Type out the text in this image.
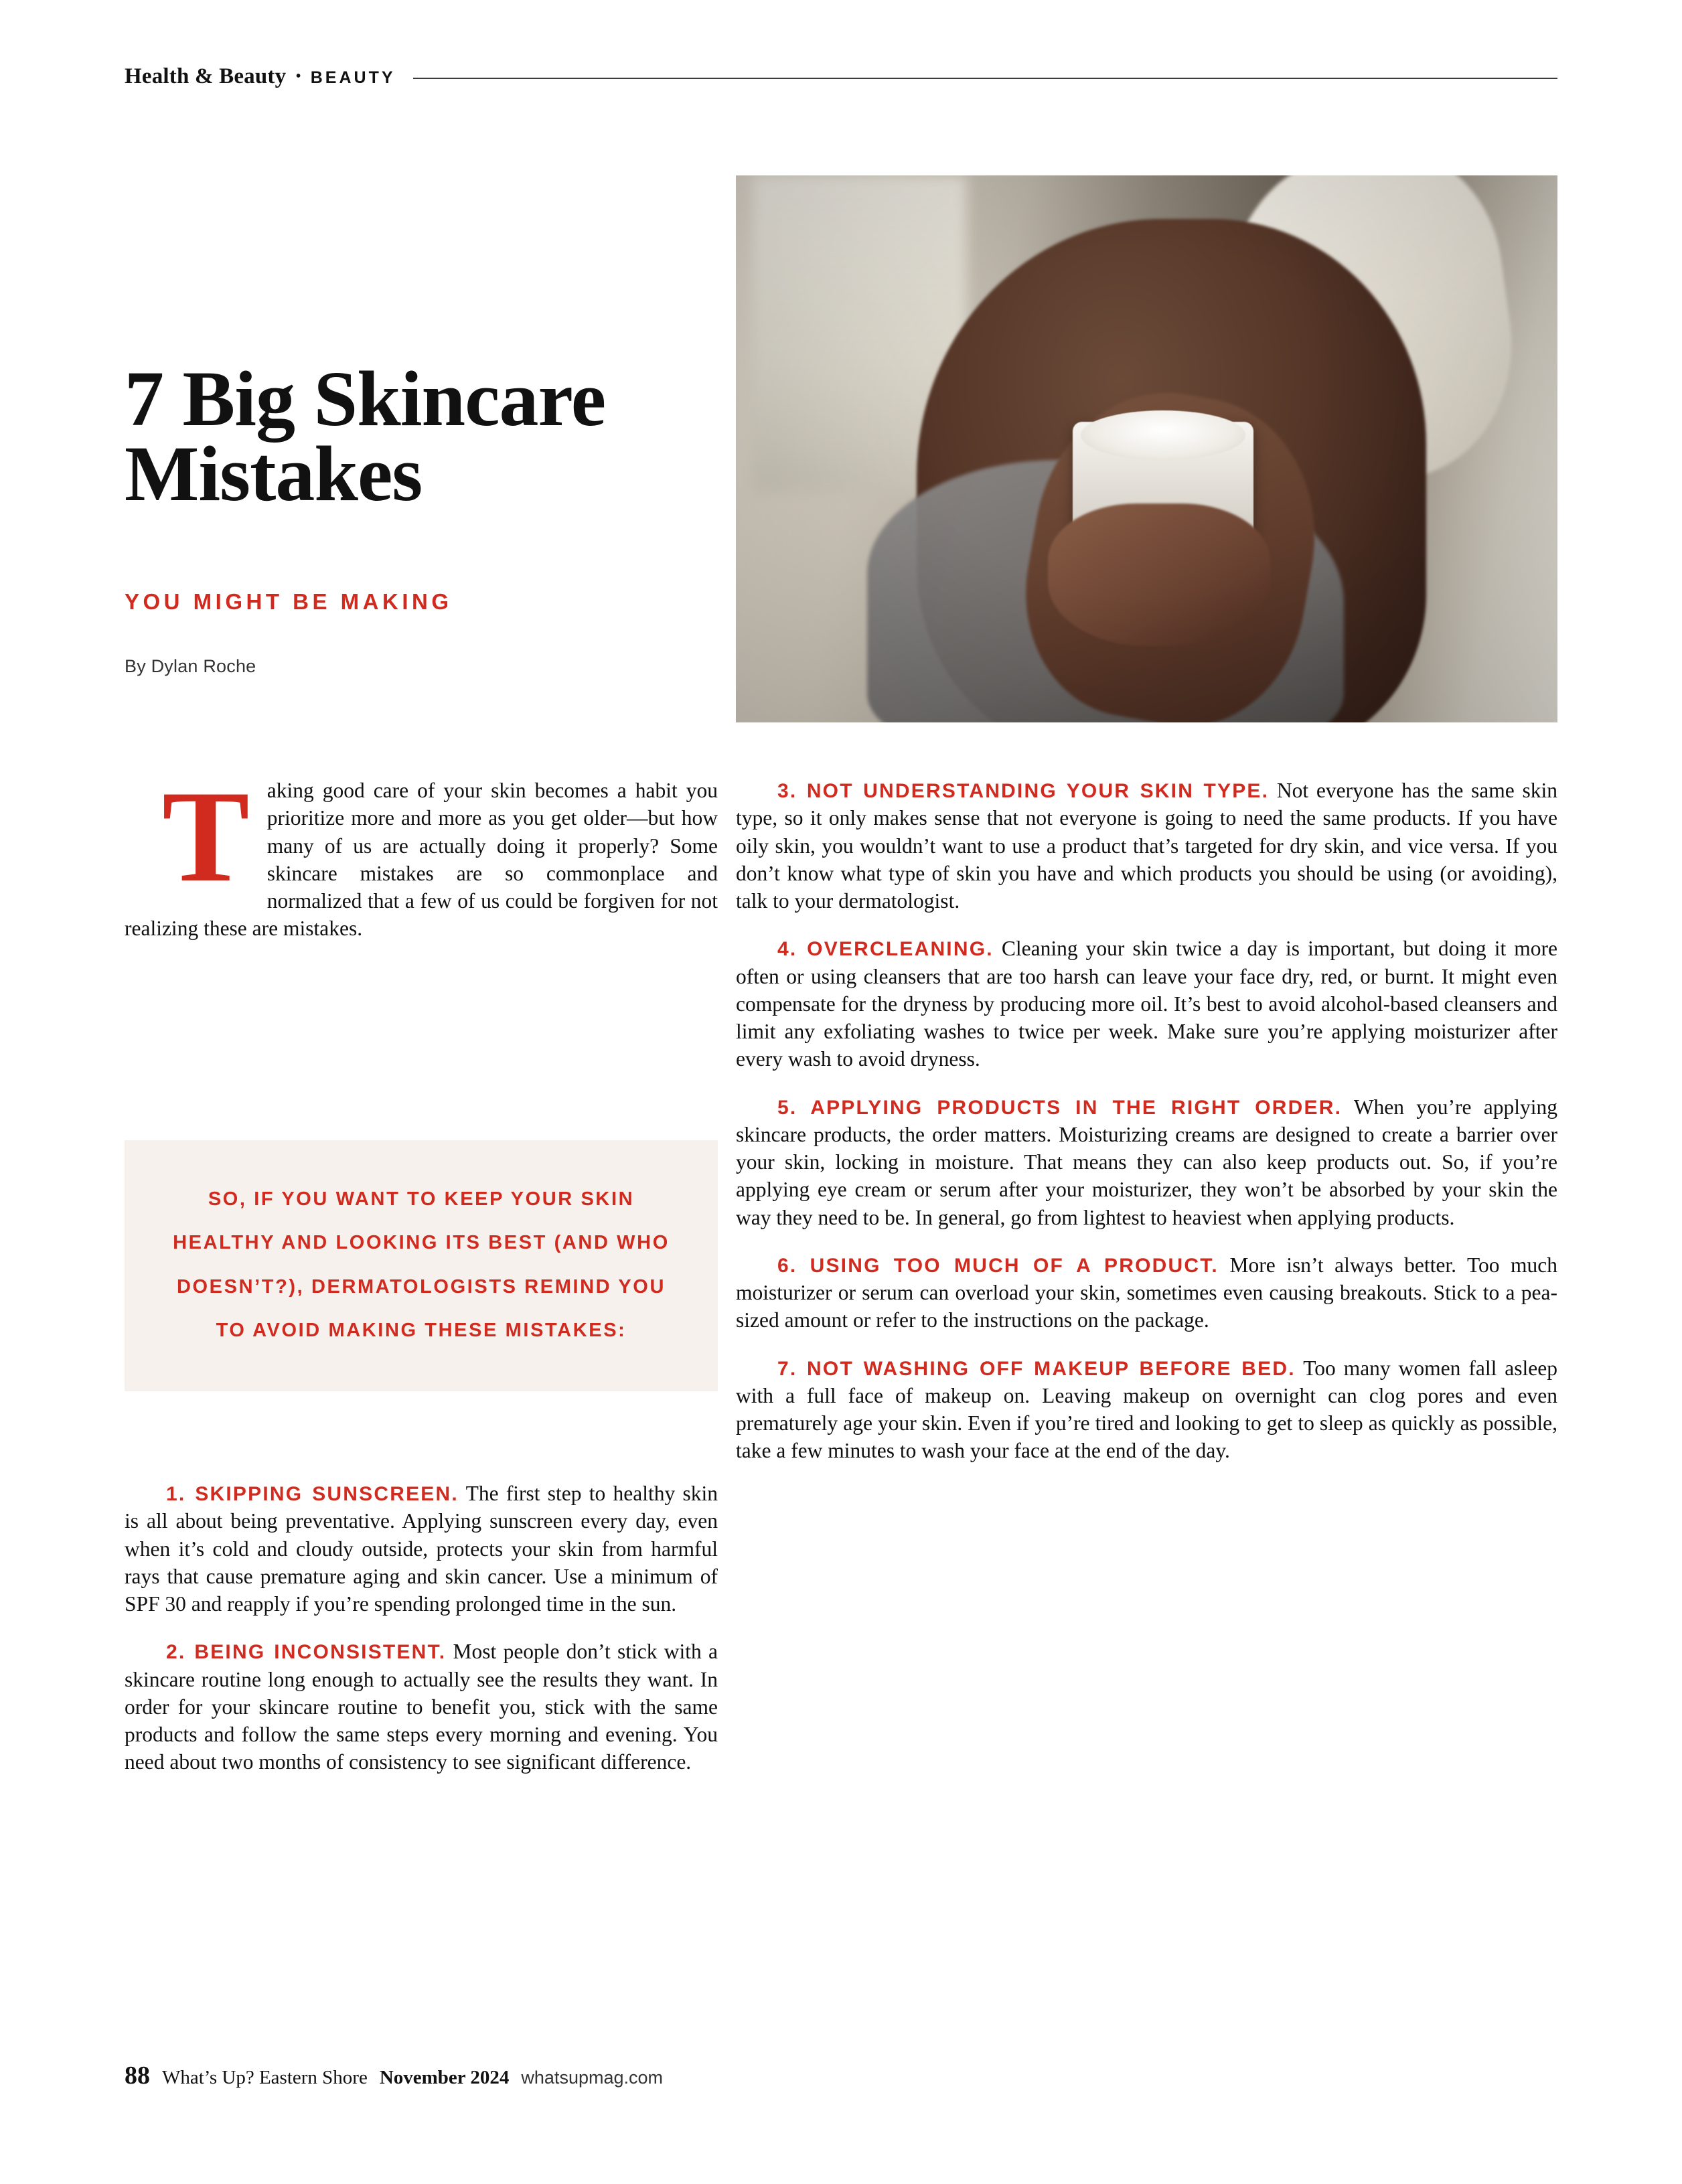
Health & Beauty • BEAUTY
7 Big Skincare
Mistakes
YOU MIGHT BE MAKING
By Dylan Roche

Taking good care of your skin becomes a habit you prioritize more and more as you get older—but how many of us are actually doing it properly? Some skincare mistakes are so commonplace and normalized that a few of us could be forgiven for not realizing these are mistakes.

SO, IF YOU WANT TO KEEP YOUR SKIN HEALTHY AND LOOKING ITS BEST (AND WHO DOESN’T?), DERMATOLOGISTS REMIND YOU TO AVOID MAKING THESE MISTAKES:

1. SKIPPING SUNSCREEN. The first step to healthy skin is all about being preventative. Applying sunscreen every day, even when it’s cold and cloudy outside, protects your skin from harmful rays that cause premature aging and skin cancer. Use a minimum of SPF 30 and reapply if you’re spending prolonged time in the sun.

2. BEING INCONSISTENT. Most people don’t stick with a skincare routine long enough to actually see the results they want. In order for your skincare routine to benefit you, stick with the same products and follow the same steps every morning and evening. You need about two months of consistency to see significant difference.

3. NOT UNDERSTANDING YOUR SKIN TYPE. Not everyone has the same skin type, so it only makes sense that not everyone is going to need the same products. If you have oily skin, you wouldn’t want to use a product that’s targeted for dry skin, and vice versa. If you don’t know what type of skin you have and which products you should be using (or avoiding), talk to your dermatologist.

4. OVERCLEANING. Cleaning your skin twice a day is important, but doing it more often or using cleansers that are too harsh can leave your face dry, red, or burnt. It might even compensate for the dryness by producing more oil. It’s best to avoid alcohol-based cleansers and limit any exfoliating washes to twice per week. Make sure you’re applying moisturizer after every wash to avoid dryness.

5. APPLYING PRODUCTS IN THE RIGHT ORDER. When you’re applying skincare products, the order matters. Moisturizing creams are designed to create a barrier over your skin, locking in moisture. That means they can also keep products out. So, if you’re applying eye cream or serum after your moisturizer, they won’t be absorbed by your skin the way they need to be. In general, go from lightest to heaviest when applying products.

6. USING TOO MUCH OF A PRODUCT. More isn’t always better. Too much moisturizer or serum can overload your skin, sometimes even causing breakouts. Stick to a pea-sized amount or refer to the instructions on the package.

7. NOT WASHING OFF MAKEUP BEFORE BED. Too many women fall asleep with a full face of makeup on. Leaving makeup on overnight can clog pores and even prematurely age your skin. Even if you’re tired and looking to get to sleep as quickly as possible, take a few minutes to wash your face at the end of the day.

88 What’s Up? Eastern Shore November 2024 whatsupmag.com
